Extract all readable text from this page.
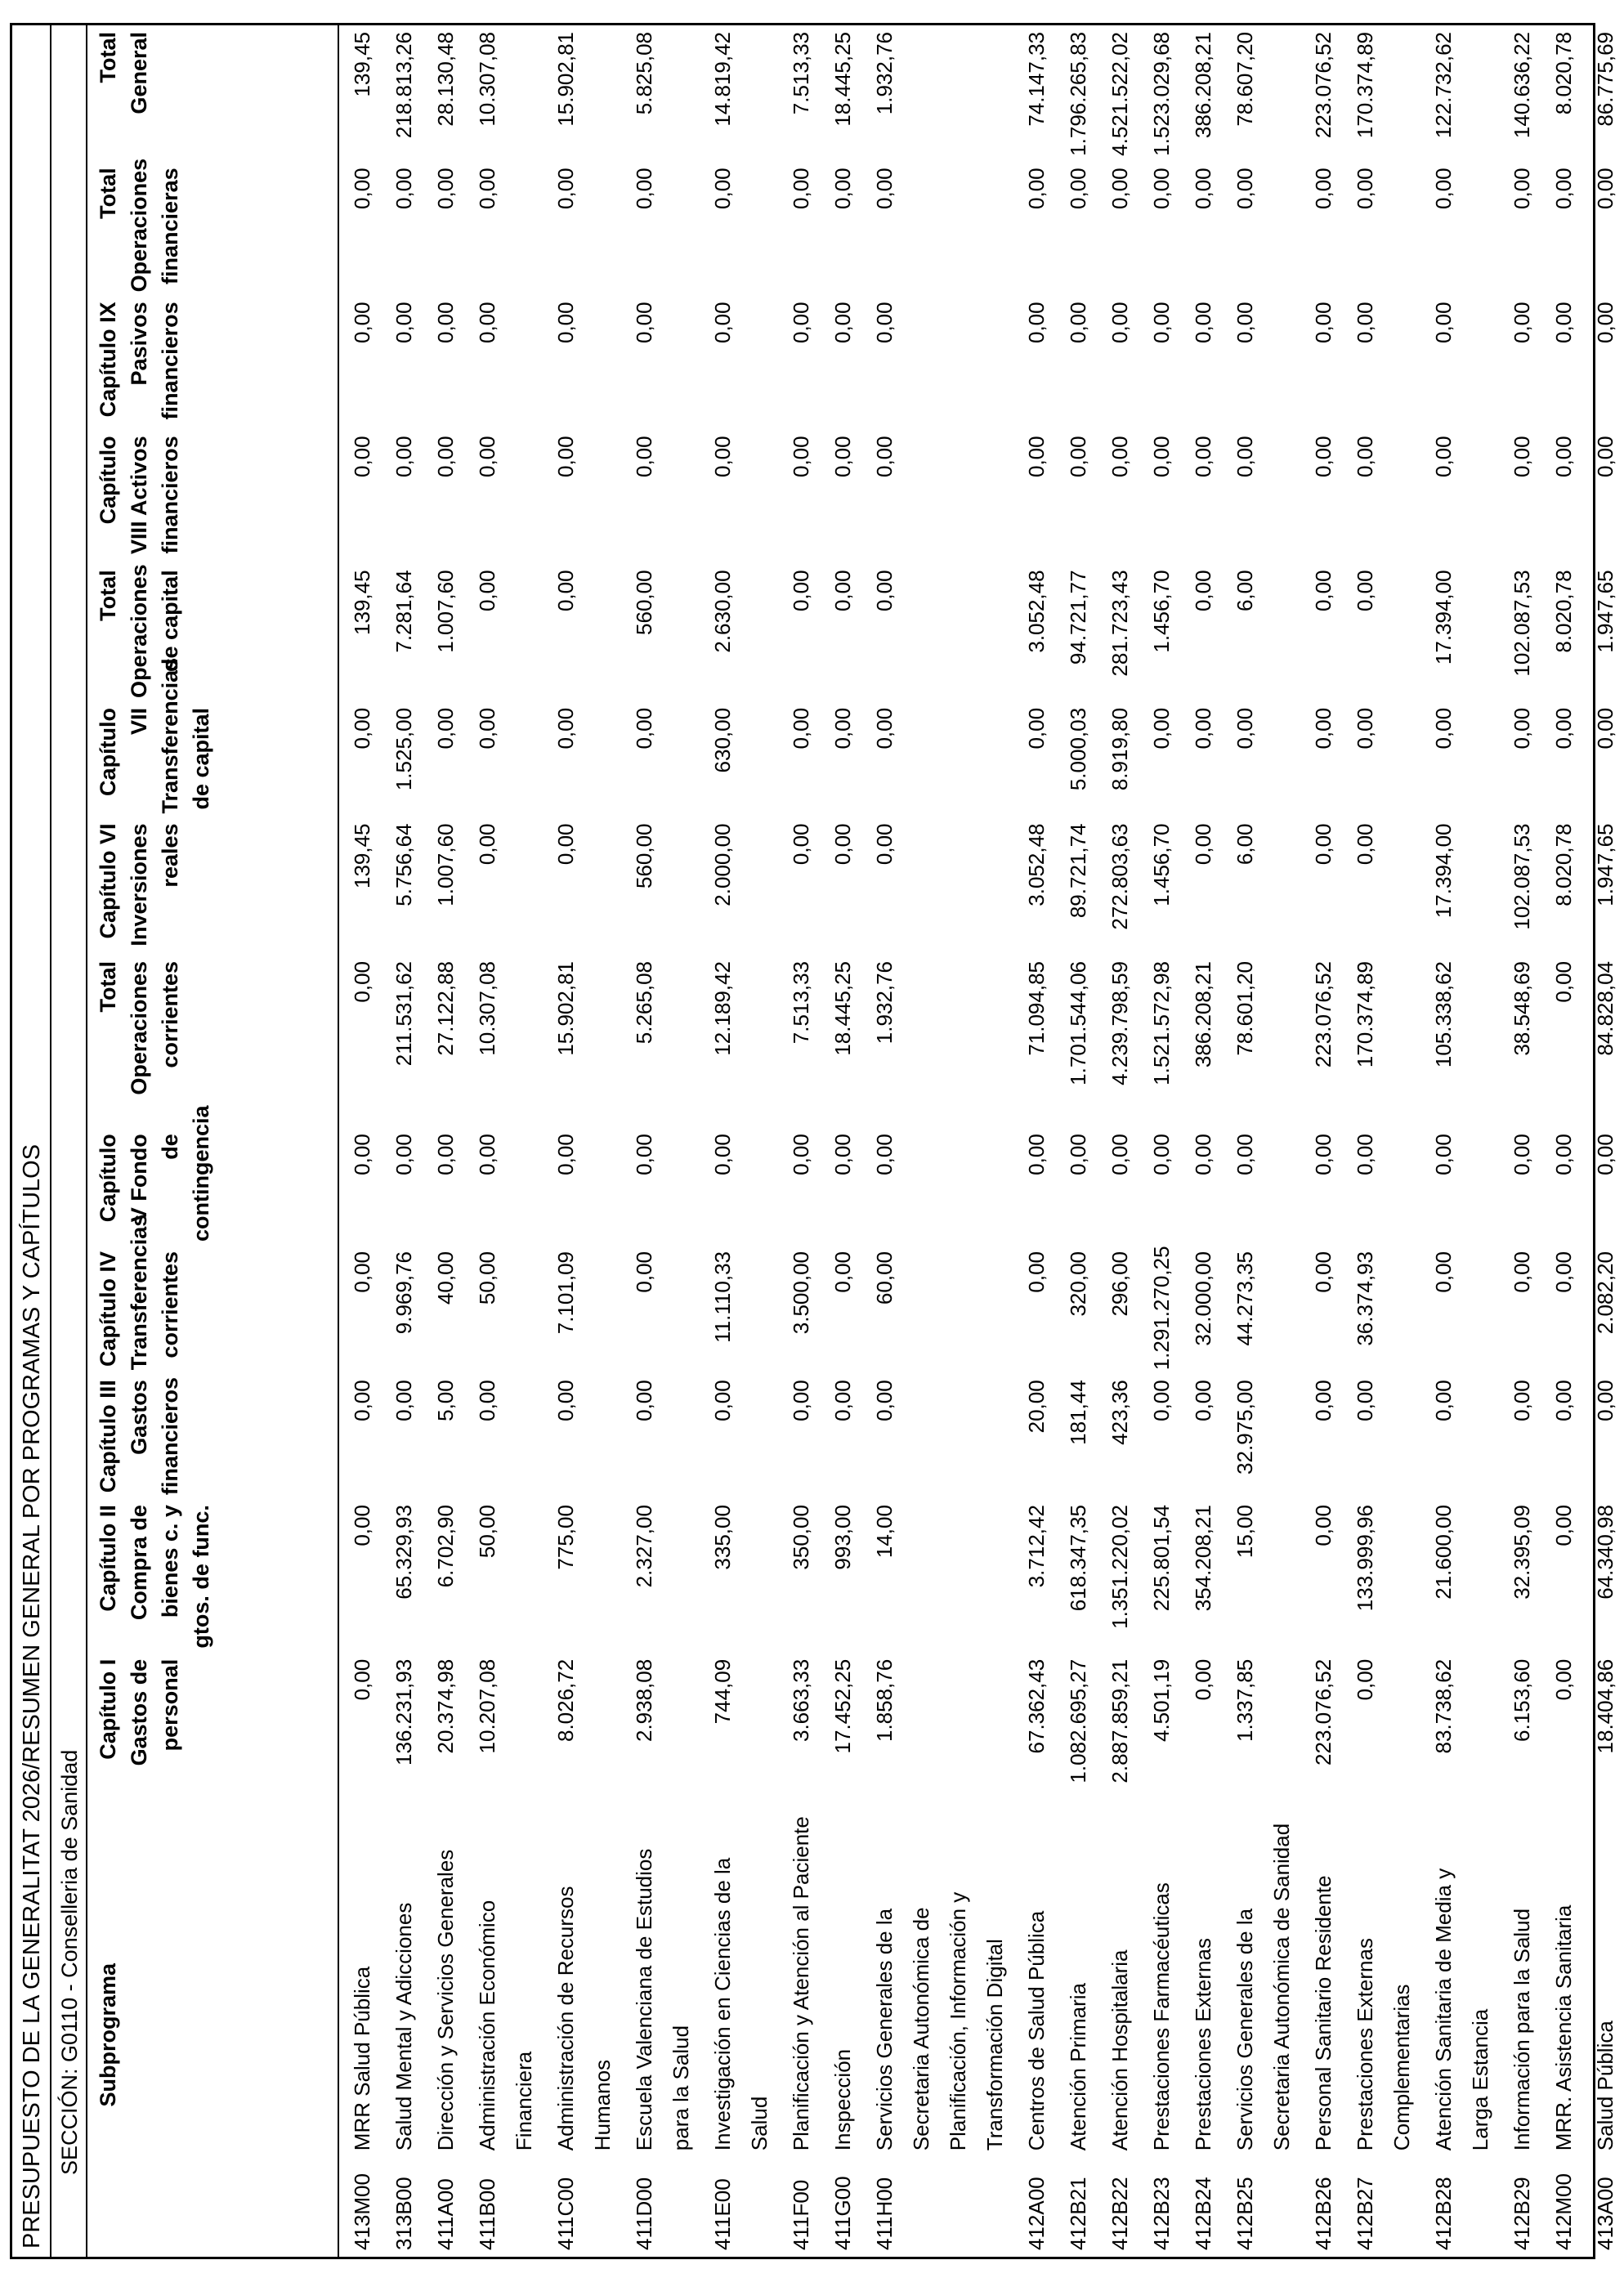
PRESUPUESTO DE LA GENERALITAT 2026/RESUMEN GENERAL POR PROGRAMAS Y CAPÍTULOS SECCIÓN: G0110 - Conselleria de Sanidad Subprograma		Capítulo I Gastos de personal	Capítulo II Compra de bienes c. y gtos. de func.	Capítulo III Gastos financieros	Capítulo IV Transferencias corrientes	Capítulo V Fondo de contingencia	Total Operaciones corrientes	Capítulo VI Inversiones reales	Capítulo VII Transferencias de capital	Total Operaciones de capital	Capítulo VIII Activos financieros	Capítulo IX Pasivos financieros	Total Operaciones financieras	Total General
413M00	MRR Salud Pública	0,00	0,00	0,00	0,00	0,00	0,00	139,45	0,00	139,45	0,00	0,00	0,00	139,45
313B00	Salud Mental y Adicciones	136.231,93	65.329,93	0,00	9.969,76	0,00	211.531,62	5.756,64	1.525,00	7.281,64	0,00	0,00	0,00	218.813,26
411A00	Dirección y Servicios Generales	20.374,98	6.702,90	5,00	40,00	0,00	27.122,88	1.007,60	0,00	1.007,60	0,00	0,00	0,00	28.130,48
411B00	Administración Económico Financiera	10.207,08	50,00	0,00	50,00	0,00	10.307,08	0,00	0,00	0,00	0,00	0,00	0,00	10.307,08
411C00	Administración de Recursos Humanos	8.026,72	775,00	0,00	7.101,09	0,00	15.902,81	0,00	0,00	0,00	0,00	0,00	0,00	15.902,81
411D00	Escuela Valenciana de Estudios para la Salud	2.938,08	2.327,00	0,00	0,00	0,00	5.265,08	560,00	0,00	560,00	0,00	0,00	0,00	5.825,08
411E00	Investigación en Ciencias de la Salud	744,09	335,00	0,00	11.110,33	0,00	12.189,42	2.000,00	630,00	2.630,00	0,00	0,00	0,00	14.819,42
411F00	Planificación y Atención al Paciente	3.663,33	350,00	0,00	3.500,00	0,00	7.513,33	0,00	0,00	0,00	0,00	0,00	0,00	7.513,33
411G00	Inspección	17.452,25	993,00	0,00	0,00	0,00	18.445,25	0,00	0,00	0,00	0,00	0,00	0,00	18.445,25
411H00	Servicios Generales de la Secretaria Autonómica de Planificación, Información y Transformación Digital	1.858,76	14,00	0,00	60,00	0,00	1.932,76	0,00	0,00	0,00	0,00	0,00	0,00	1.932,76
412A00	Centros de Salud Pública	67.362,43	3.712,42	20,00	0,00	0,00	71.094,85	3.052,48	0,00	3.052,48	0,00	0,00	0,00	74.147,33
412B21	Atención Primaria	1.082.695,27	618.347,35	181,44	320,00	0,00	1.701.544,06	89.721,74	5.000,03	94.721,77	0,00	0,00	0,00	1.796.265,83
412B22	Atención Hospitalaria	2.887.859,21	1.351.220,02	423,36	296,00	0,00	4.239.798,59	272.803,63	8.919,80	281.723,43	0,00	0,00	0,00	4.521.522,02
412B23	Prestaciones Farmacéuticas	4.501,19	225.801,54	0,00	1.291.270,25	0,00	1.521.572,98	1.456,70	0,00	1.456,70	0,00	0,00	0,00	1.523.029,68
412B24	Prestaciones Externas	0,00	354.208,21	0,00	32.000,00	0,00	386.208,21	0,00	0,00	0,00	0,00	0,00	0,00	386.208,21
412B25	Servicios Generales de la Secretaria Autonómica de Sanidad	1.337,85	15,00	32.975,00	44.273,35	0,00	78.601,20	6,00	0,00	6,00	0,00	0,00	0,00	78.607,20
412B26	Personal Sanitario Residente	223.076,52	0,00	0,00	0,00	0,00	223.076,52	0,00	0,00	0,00	0,00	0,00	0,00	223.076,52
412B27	Prestaciones Externas Complementarias	0,00	133.999,96	0,00	36.374,93	0,00	170.374,89	0,00	0,00	0,00	0,00	0,00	0,00	170.374,89
412B28	Atención Sanitaria de Media y Larga Estancia	83.738,62	21.600,00	0,00	0,00	0,00	105.338,62	17.394,00	0,00	17.394,00	0,00	0,00	0,00	122.732,62
412B29	Información para la Salud	6.153,60	32.395,09	0,00	0,00	0,00	38.548,69	102.087,53	0,00	102.087,53	0,00	0,00	0,00	140.636,22
412M00	MRR. Asistencia Sanitaria	0,00	0,00	0,00	0,00	0,00	0,00	8.020,78	0,00	8.020,78	0,00	0,00	0,00	8.020,78
413A00	Salud Pública	18.404,86	64.340,98	0,00	2.082,20	0,00	84.828,04	1.947,65	0,00	1.947,65	0,00	0,00	0,00	86.775,69
